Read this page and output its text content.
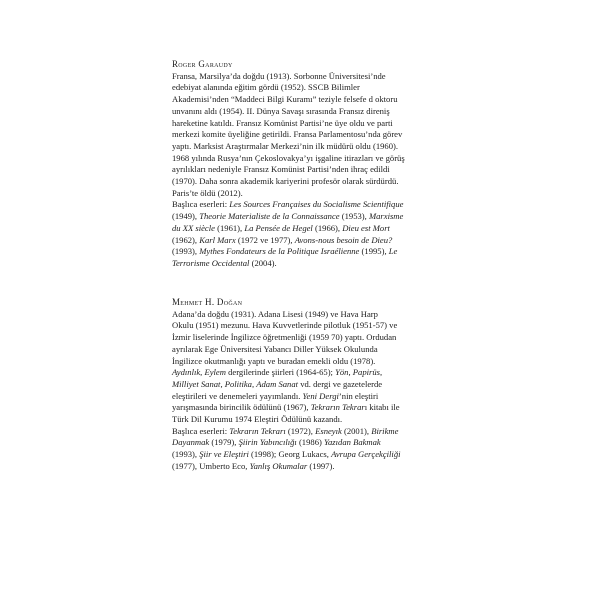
Roger Garaudy

Fransa, Marsilya’da doğdu (1913). Sorbonne Üniversitesi’nde
edebiyat alanında eğitim gördü (1952). SSCB Bilimler
Akademisi’nden “Maddeci Bilgi Kuramı” teziyle felsefe d oktoru
unvanını aldı (1954). II. Dünya Savaşı sırasında Fransız direniş
hareketine katıldı. Fransız Komünist Partisi’ne üye oldu ve parti
merkezi komite üyeliğine getirildi. Fransa Parlamentosu’nda görev
yaptı. Marksist Araştırmalar Merkezi’nin ilk müdürü oldu (1960).
1968 yılında Rusya’nın Çekoslovakya’yı işgaline itirazları ve görüş
ayrılıkları nedeniyle Fransız Komünist Partisi’nden ihraç edildi
(1970). Daha sonra akademik kariyerini profesör olarak sürdürdü.
Paris’te öldü (2012).

Başlıca eserleri: Les Sources Françaises du Socialisme Scientifique
(1949), Theorie Materialiste de la Connaissance (1953), Marxisme
du XX siècle (1961), La Pensée de Hegel (1966), Dieu est Mort
(1962), Karl Marx (1972 ve 1977), Avons-nous besoin de Dieu?
(1993), Mythes Fondateurs de la Politique Israélienne (1995), Le
Terrorisme Occidental (2004).

Mehmet H. Doğan

Adana’da doğdu (1931). Adana Lisesi (1949) ve Hava Harp
Okulu (1951) mezunu. Hava Kuvvetlerinde pilotluk (1951-57) ve
İzmir liselerinde İngilizce öğretmenliği (1959 70) yaptı. Ordudan
ayrılarak Ege Üniversitesi Yabancı Diller Yüksek Okulunda
İngilizce okutmanlığı yaptı ve buradan emekli oldu (1978).
Aydınlık, Eylem dergilerinde şiirleri (1964-65); Yön, Papirüs,
Milliyet Sanat, Politika, Adam Sanat vd. dergi ve gazetelerde
eleştirileri ve denemeleri yayımlandı. Yeni Dergi’nin eleştiri
yarışmasında birincilik ödülünü (1967), Tekrarın Tekrarı kitabı ile
Türk Dil Kurumu 1974 Eleştiri Ödülünü kazandı.
Başlıca eserleri: Tekrarın Tekrarı (1972), Esneyık (2001), Birikme
Dayanmak (1979), Şiirin Yabıncılığı (1986) Yazıdan Bakmak
(1993), Şiir ve Eleştiri (1998); Georg Lukacs, Avrupa Gerçekçiliği
(1977), Umberto Eco, Yanlış Okumalar (1997).
